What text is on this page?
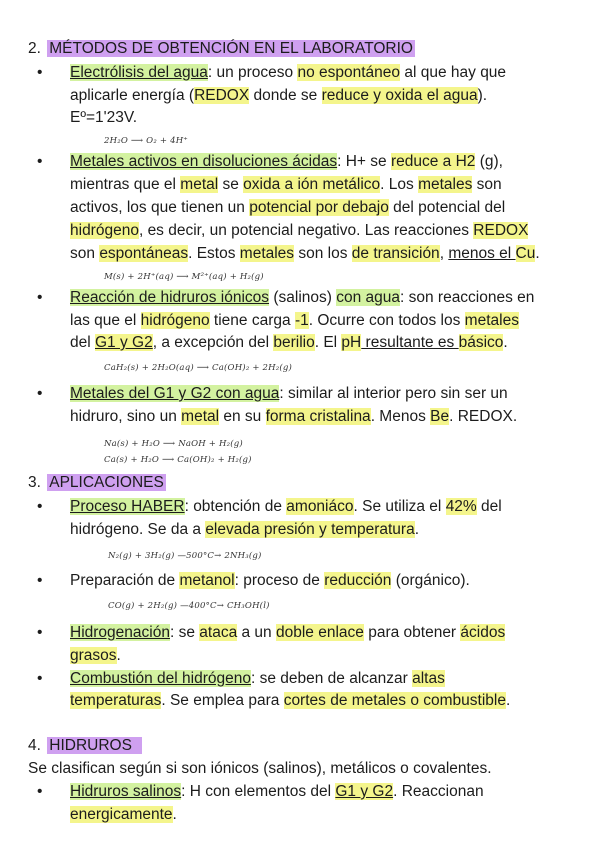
2. MÉTODOS DE OBTENCIÓN EN EL LABORATORIO
• Electrólisis del agua: un proceso no espontáneo al que hay que
aplicarle energía (REDOX donde se reduce y oxida el agua).
Eº=1'23V.
2H₂O ⟶ O₂ + 4H⁺
• Metales activos en disoluciones ácidas: H+ se reduce a H2 (g),
mientras que el metal se oxida a ión metálico. Los metales son
activos, los que tienen un potencial por debajo del potencial del
hidrógeno, es decir, un potencial negativo. Las reacciones REDOX
son espontáneas. Estos metales son los de transición, menos el Cu.
M(s) + 2H⁺(aq) ⟶ M²⁺(aq) + H₂(g)
• Reacción de hidruros iónicos (salinos) con agua: son reacciones en
las que el hidrógeno tiene carga -1. Ocurre con todos los metales
del G1 y G2, a excepción del berilio. El pH resultante es básico.
CaH₂(s) + 2H₂O(aq) ⟶ Ca(OH)₂ + 2H₂(g)
• Metales del G1 y G2 con agua: similar al interior pero sin ser un
hidruro, sino un metal en su forma cristalina. Menos Be. REDOX.
Na(s) + H₂O ⟶ NaOH + H₂(g)
Ca(s) + H₂O ⟶ Ca(OH)₂ + H₂(g)
3. APLICACIONES
• Proceso HABER: obtención de amoniáco. Se utiliza el 42% del
hidrógeno. Se da a elevada presión y temperatura.
N₂(g) + 3H₂(g) —500°C→ 2NH₃(g)
• Preparación de metanol: proceso de reducción (orgánico).
CO(g) + 2H₂(g) —400°C→ CH₃OH(l)
• Hidrogenación: se ataca a un doble enlace para obtener ácidos
grasos.
• Combustión del hidrógeno: se deben de alcanzar altas
temperaturas. Se emplea para cortes de metales o combustible.
4. HIDRUROS
Se clasifican según si son iónicos (salinos), metálicos o covalentes.
• Hidruros salinos: H con elementos del G1 y G2. Reaccionan
energicamente.
